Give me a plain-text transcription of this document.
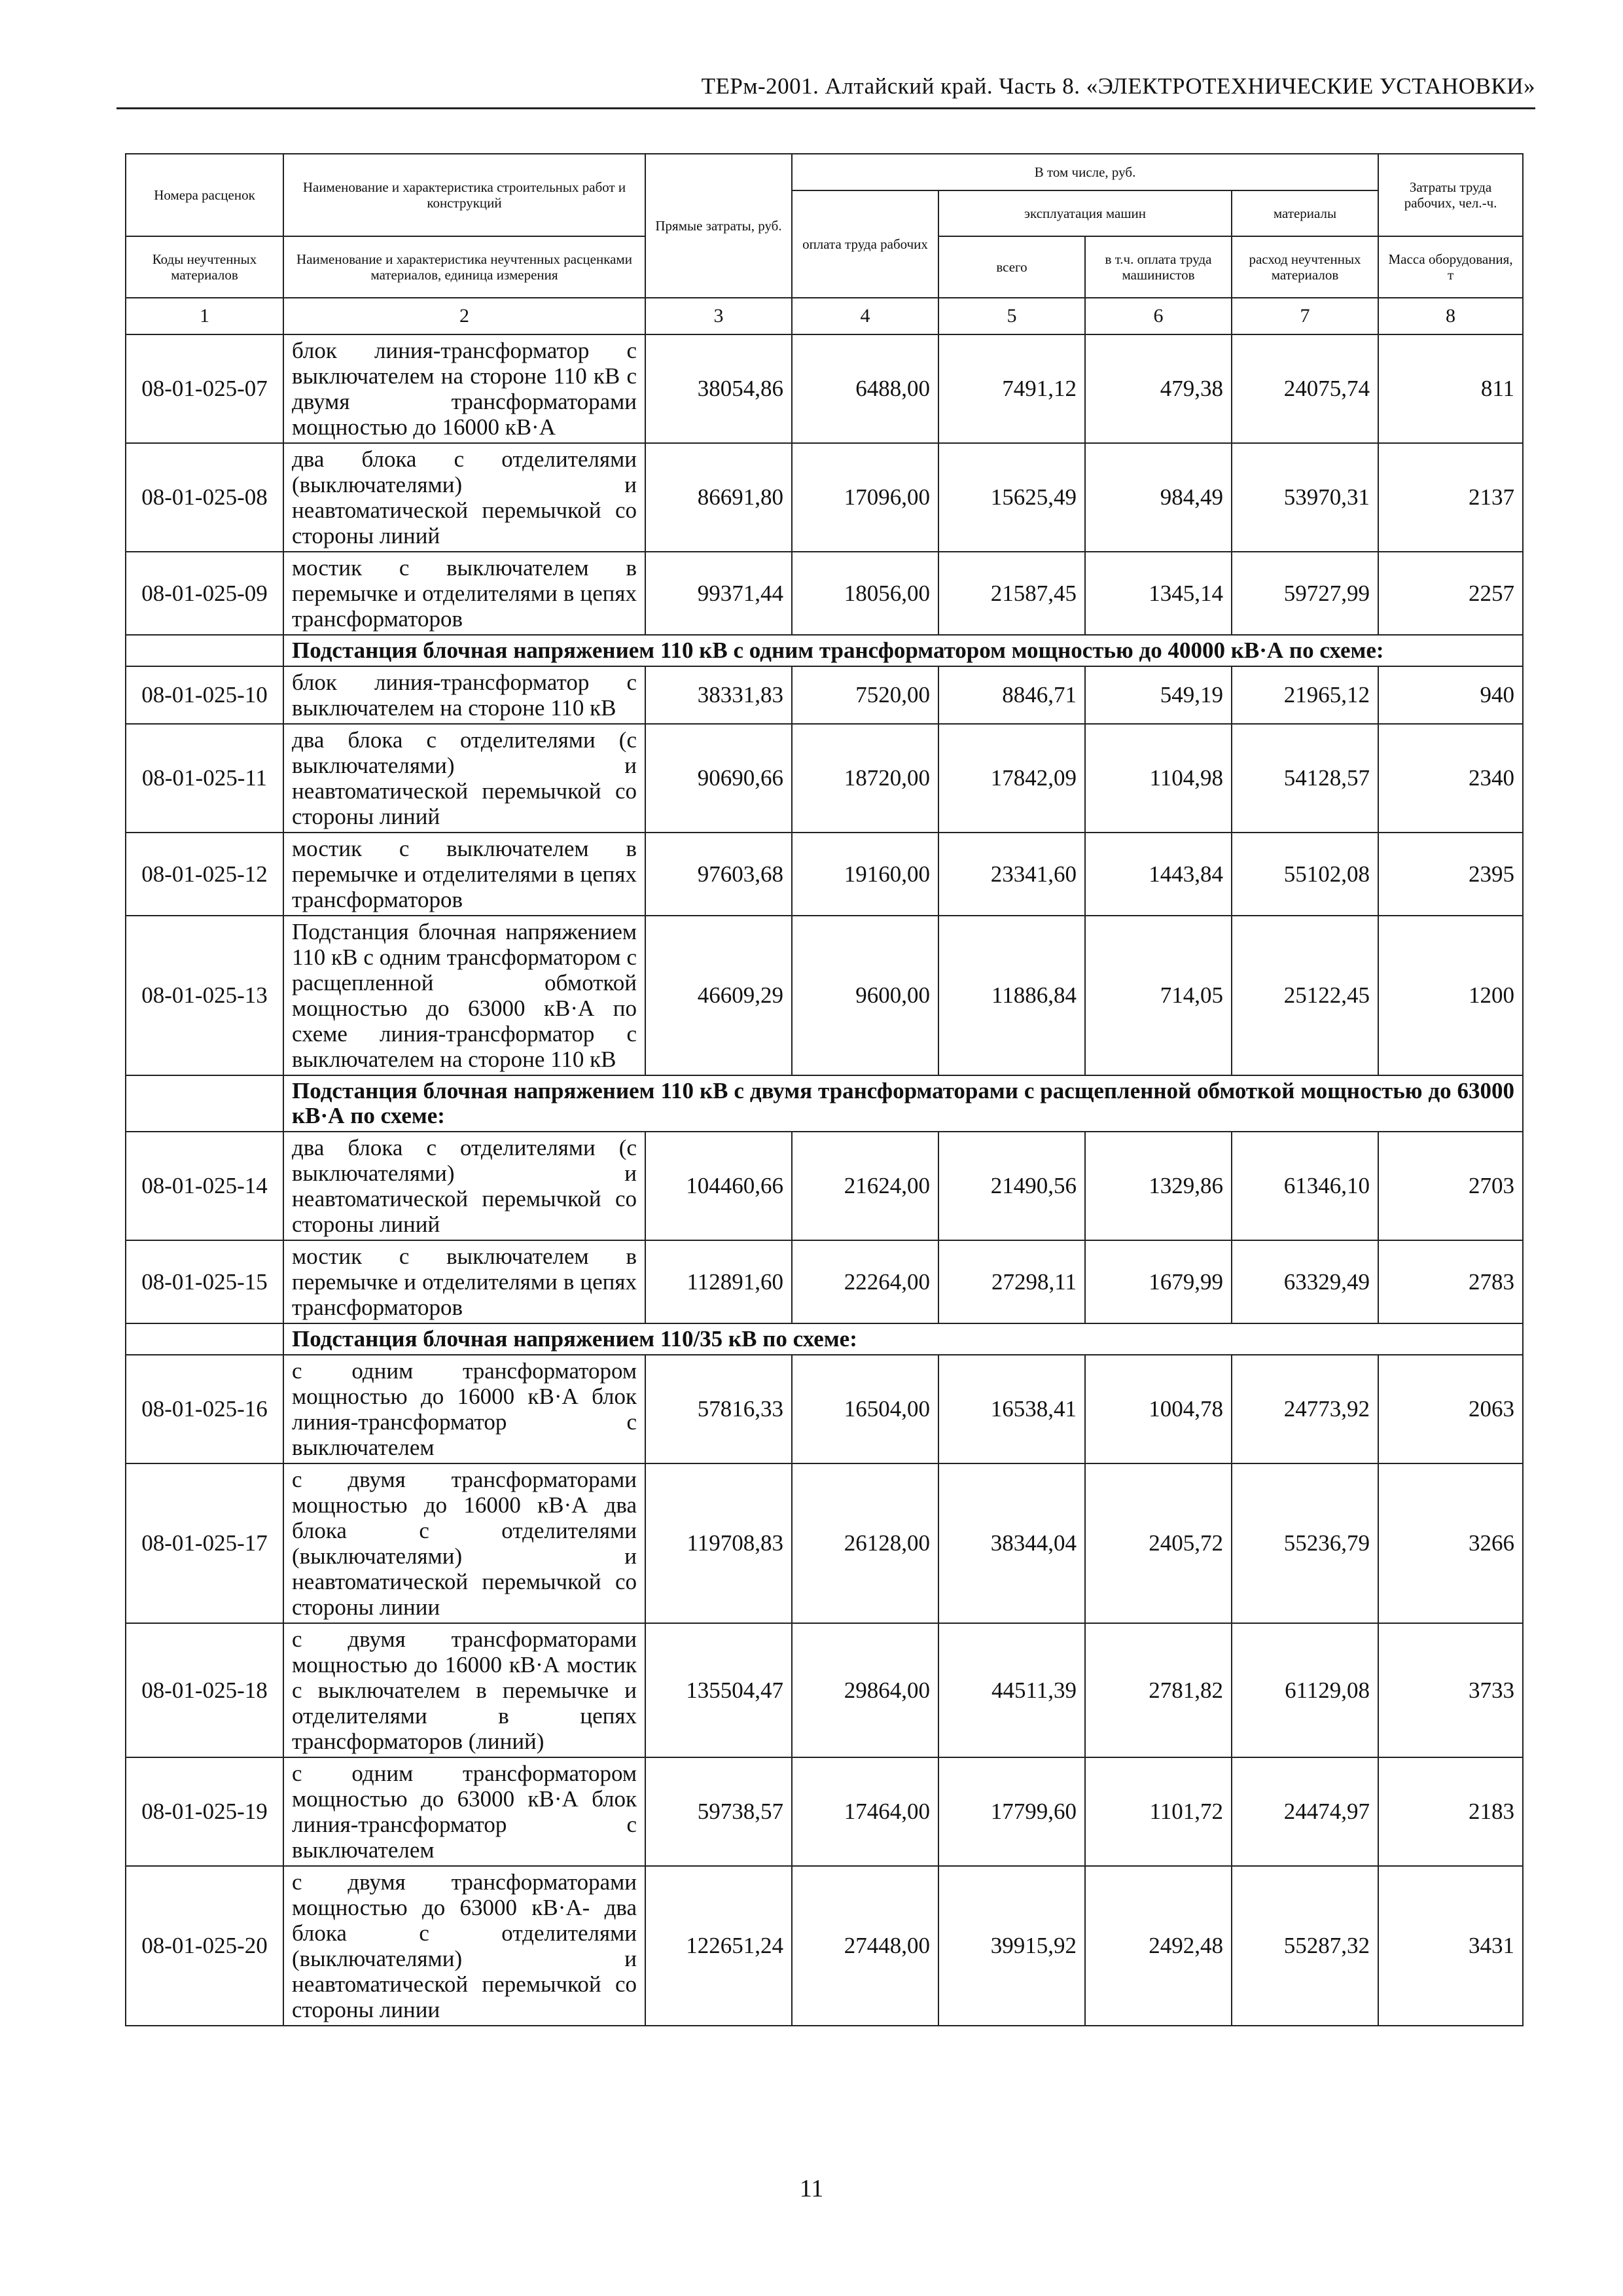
ТЕРм-2001. Алтайский край. Часть 8. «ЭЛЕКТРОТЕХНИЧЕСКИЕ УСТАНОВКИ»
Номера расценок	Наименование и характеристика строительных работ и конструкций	Прямые затраты, руб.	В том числе, руб.				Затраты труда рабочих, чел.-ч.
			оплата труда рабочих	эксплуатация машин		материалы	
Коды неучтенных материалов	Наименование и характеристика неучтенных расценками материалов, единица измерения			всего	в т.ч. оплата труда машинистов	расход неучтенных материалов	Масса оборудования, т
1	2	3	4	5	6	7	8
08-01-025-07	блок линия-трансформатор с выключателем на стороне 110 кВ с двумя трансформаторами мощностью до 16000 кВ·А	38054,86	6488,00	7491,12	479,38	24075,74	811
08-01-025-08	два блока с отделителями (выключателями) и неавтоматической перемычкой со стороны линий	86691,80	17096,00	15625,49	984,49	53970,31	2137
08-01-025-09	мостик с выключателем в перемычке и отделителями в цепях трансформаторов	99371,44	18056,00	21587,45	1345,14	59727,99	2257
	Подстанция блочная напряжением 110 кВ с одним трансформатором мощностью до 40000 кВ·А по схеме:						
08-01-025-10	блок линия-трансформатор с выключателем на стороне 110 кВ	38331,83	7520,00	8846,71	549,19	21965,12	940
08-01-025-11	два блока с отделителями (с выключателями) и неавтоматической перемычкой со стороны линий	90690,66	18720,00	17842,09	1104,98	54128,57	2340
08-01-025-12	мостик с выключателем в перемычке и отделителями в цепях трансформаторов	97603,68	19160,00	23341,60	1443,84	55102,08	2395
08-01-025-13	Подстанция блочная напряжением 110 кВ с одним трансформатором с расщепленной обмоткой мощностью до 63000 кВ·А по схеме линия-трансформатор с выключателем на стороне 110 кВ	46609,29	9600,00	11886,84	714,05	25122,45	1200
	Подстанция блочная напряжением 110 кВ с двумя трансформаторами с расщепленной обмоткой мощностью до 63000 кВ·А по схеме:						
08-01-025-14	два блока с отделителями (с выключателями) и неавтоматической перемычкой со стороны линий	104460,66	21624,00	21490,56	1329,86	61346,10	2703
08-01-025-15	мостик с выключателем в перемычке и отделителями в цепях трансформаторов	112891,60	22264,00	27298,11	1679,99	63329,49	2783
	Подстанция блочная напряжением 110/35 кВ по схеме:						
08-01-025-16	с одним трансформатором мощностью до 16000 кВ·А блок линия-трансформатор с выключателем	57816,33	16504,00	16538,41	1004,78	24773,92	2063
08-01-025-17	с двумя трансформаторами мощностью до 16000 кВ·А два блока с отделителями (выключателями) и неавтоматической перемычкой со стороны линии	119708,83	26128,00	38344,04	2405,72	55236,79	3266
08-01-025-18	с двумя трансформаторами мощностью до 16000 кВ·А мостик с выключателем в перемычке и отделителями в цепях трансформаторов (линий)	135504,47	29864,00	44511,39	2781,82	61129,08	3733
08-01-025-19	с одним трансформатором мощностью до 63000 кВ·А блок линия-трансформатор с выключателем	59738,57	17464,00	17799,60	1101,72	24474,97	2183
08-01-025-20	с двумя трансформаторами мощностью до 63000 кВ·А- два блока с отделителями (выключателями) и неавтоматической перемычкой со стороны линии	122651,24	27448,00	39915,92	2492,48	55287,32	3431
11
